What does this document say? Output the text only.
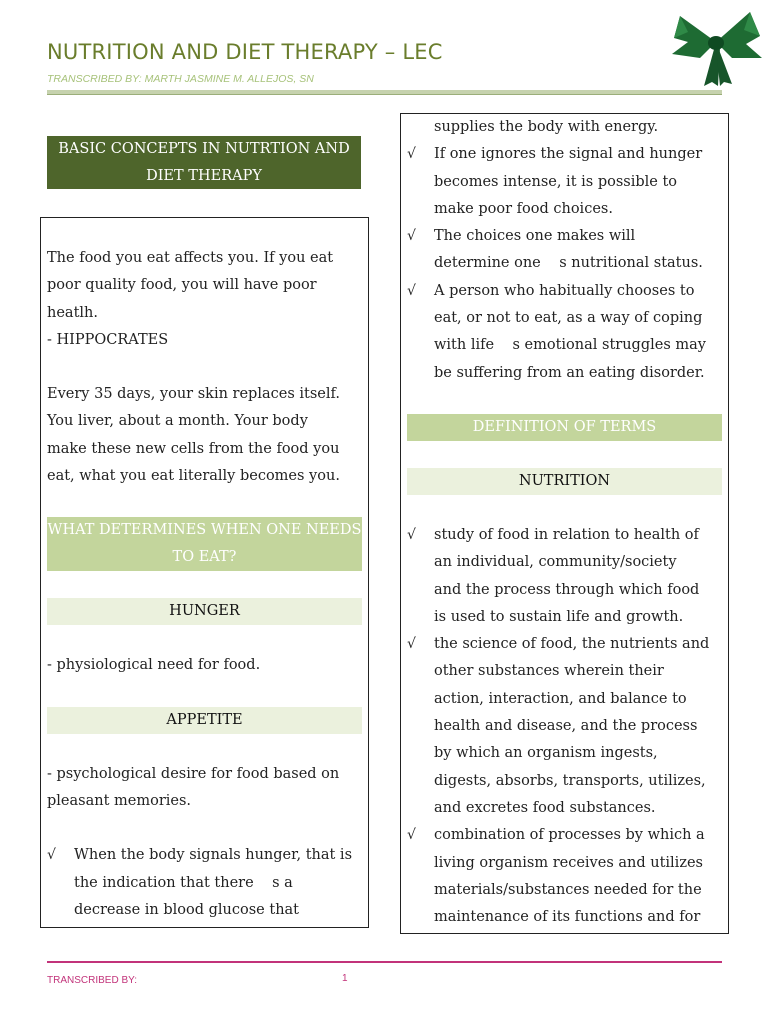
NUTRITION AND DIET THERAPY – LEC
TRANSCRIBED BY: MARTH JASMINE M. ALLEJOS, SN
BASIC CONCEPTS IN NUTRTION AND
DIET THERAPY

The food you eat affects you. If you eat
poor quality food, you will have poor
heatlh.
- HIPPOCRATES

Every 35 days, your skin replaces itself.
You liver, about a month. Your body
make these new cells from the food you
eat, what you eat literally becomes you.

WHAT DETERMINES WHEN ONE NEEDS
TO EAT?
HUNGER

- physiological need for food.

APPETITE

- psychological desire for food based on
pleasant memories.

√ When the body signals hunger, that is
the indication that there    s a
decrease in blood glucose that

supplies the body with energy.

√ If one ignores the signal and hunger
becomes intense, it is possible to
make poor food choices.
√ The choices one makes will
determine one    s nutritional status.
√ A person who habitually chooses to
eat, or not to eat, as a way of coping
with life    s emotional struggles may
be suffering from an eating disorder.
DEFINITION OF TERMS
NUTRITION
√ study of food in relation to health of
an individual, community/society
and the process through which food
is used to sustain life and growth.
√ the science of food, the nutrients and
other substances wherein their
action, interaction, and balance to
health and disease, and the process
by which an organism ingests,
digests, absorbs, transports, utilizes,
and excretes food substances.
√ combination of processes by which a
living organism receives and utilizes
materials/substances needed for the
maintenance of its functions and for
TRANSCRIBED BY:	1
